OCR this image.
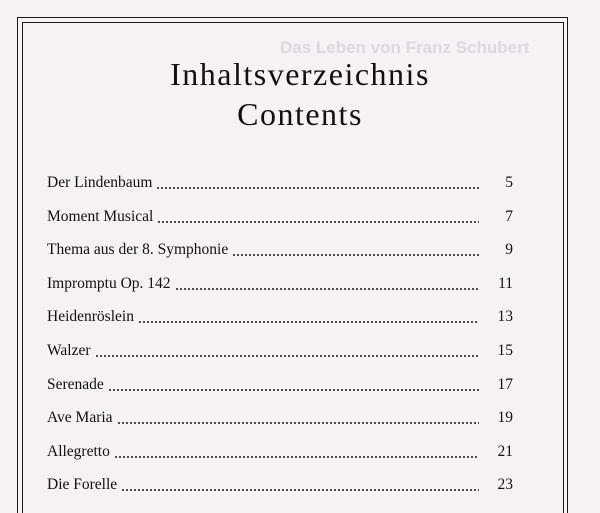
Das Leben von Franz Schubert
Inhaltsverzeichnis
Contents
Der Lindenbaum	5
Moment Musical	7
Thema aus der 8. Symphonie	9
Impromptu Op. 142	11
Heidenröslein	13
Walzer	15
Serenade	17
Ave Maria	19
Allegretto	21
Die Forelle	23
